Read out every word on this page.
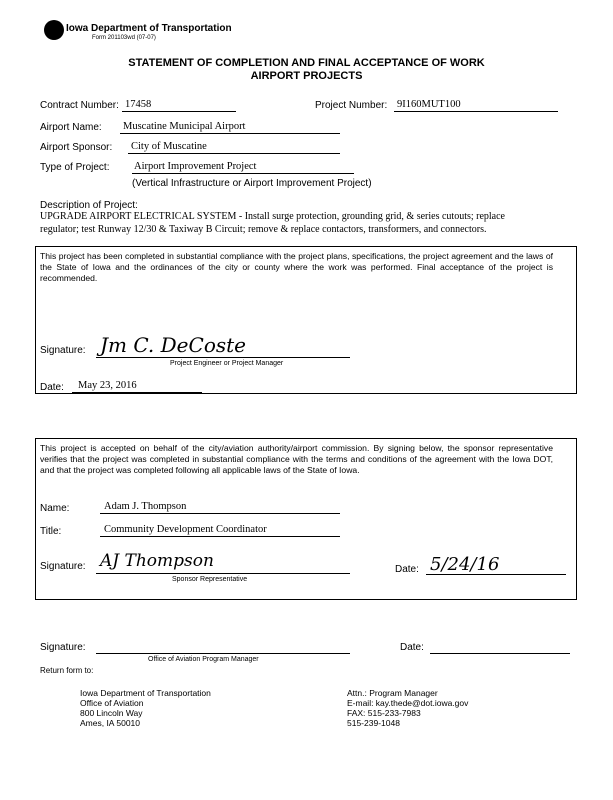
Iowa Department of Transportation
Form 201103wd (07-07)
STATEMENT OF COMPLETION AND FINAL ACCEPTANCE OF WORK
AIRPORT PROJECTS
Contract Number: 17458	Project Number: 9I160MUT100
Airport Name: Muscatine Municipal Airport
Airport Sponsor: City of Muscatine
Type of Project: Airport Improvement Project
(Vertical Infrastructure or Airport Improvement Project)
Description of Project:
UPGRADE AIRPORT ELECTRICAL SYSTEM - Install surge protection, grounding grid, & series cutouts; replace
regulator; test Runway 12/30 & Taxiway B Circuit; remove & replace contactors, transformers, and connectors.
This project has been completed in substantial compliance with the project plans, specifications, the project agreement and the laws of the State of Iowa and the ordinances of the city or county where the work was performed. Final acceptance of the project is recommended.
Signature: Jm C. DeCoste
Project Engineer or Project Manager
Date: May 23, 2016
This project is accepted on behalf of the city/aviation authority/airport commission. By signing below, the sponsor representative verifies that the project was completed in substantial compliance with the terms and conditions of the agreement with the Iowa DOT, and that the project was completed following all applicable laws of the State of Iowa.
Name:	Adam J. Thompson
Title:	Community Development Coordinator
Signature: AJ Thompson
Sponsor Representative
Date: 5/24/16
Signature:
Office of Aviation Program Manager
Date:
Return form to:
Iowa Department of Transportation
Office of Aviation
800 Lincoln Way
Ames, IA 50010
Attn.: Program Manager
E-mail: kay.thede@dot.iowa.gov
FAX: 515-233-7983
515-239-1048
